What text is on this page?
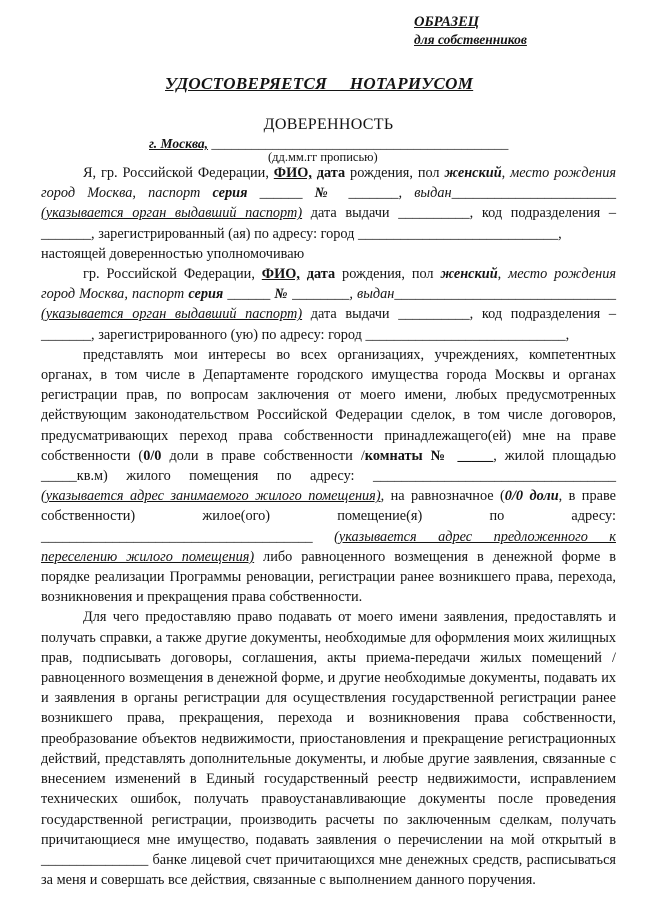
ОБРАЗЕЦ
для собственников
УДОСТОВЕРЯЕТСЯ     НОТАРИУСОМ
ДОВЕРЕННОСТЬ
г. Москва, ____________________________________________
(дд.мм.гг прописью)

Я, гр. Российской Федерации, ФИО, дата рождения, пол женский, место рождения город Москва, паспорт серия ______ № _______, выдан_______________________ (указывается орган выдавший паспорт) дата выдачи __________, код подразделения – _______, зарегистрированный (ая) по адресу: город ____________________________,

настоящей доверенностью уполномочиваю

гр. Российской Федерации, ФИО, дата рождения, пол женский, место рождения город Москва, паспорт серия ______ № ________, выдан_______________________________ (указывается орган выдавший паспорт) дата выдачи __________, код подразделения – _______, зарегистрированного (ую) по адресу: город ____________________________,

представлять мои интересы во всех организациях, учреждениях, компетентных органах, в том числе в Департаменте городского имущества города Москвы и органах регистрации прав, по вопросам заключения от моего имени, любых предусмотренных действующим законодательством Российской Федерации сделок, в том числе договоров, предусматривающих переход права собственности принадлежащего(ей) мне на праве собственности (0/0 доли в праве собственности /комнаты № _____, жилой площадью _____кв.м) жилого помещения по адресу: __________________________________ (указывается адрес занимаемого жилого помещения), на равнозначное (0/0 доли, в праве собственности) жилое(ого) помещение(я) по адресу: ______________________________________ (указывается адрес предложенного к переселению жилого помещения) либо равноценного возмещения в денежной форме в порядке реализации Программы реновации, регистрации ранее возникшего права, перехода, возникновения и прекращения права собственности.

Для чего предоставляю право подавать от моего имени заявления, предоставлять и получать справки, а также другие документы, необходимые для оформления моих жилищных прав, подписывать договоры, соглашения, акты приема-передачи жилых помещений / равноценного возмещения в денежной форме, и другие необходимые документы, подавать их и заявления в органы регистрации для осуществления государственной регистрации ранее возникшего права, прекращения, перехода и возникновения права собственности, преобразование объектов недвижимости, приостановления и прекращение регистрационных действий, представлять дополнительные документы, и любые другие заявления, связанные с внесением изменений в Единый государственный реестр недвижимости, исправлением технических ошибок, получать правоустанавливающие документы после проведения государственной регистрации, производить расчеты по заключенным сделкам, получать причитающиеся мне имущество, подавать заявления о перечислении на мой открытый в _______________ банке лицевой счет причитающихся мне денежных средств, расписываться за меня и совершать все действия, связанные с выполнением данного поручения.
